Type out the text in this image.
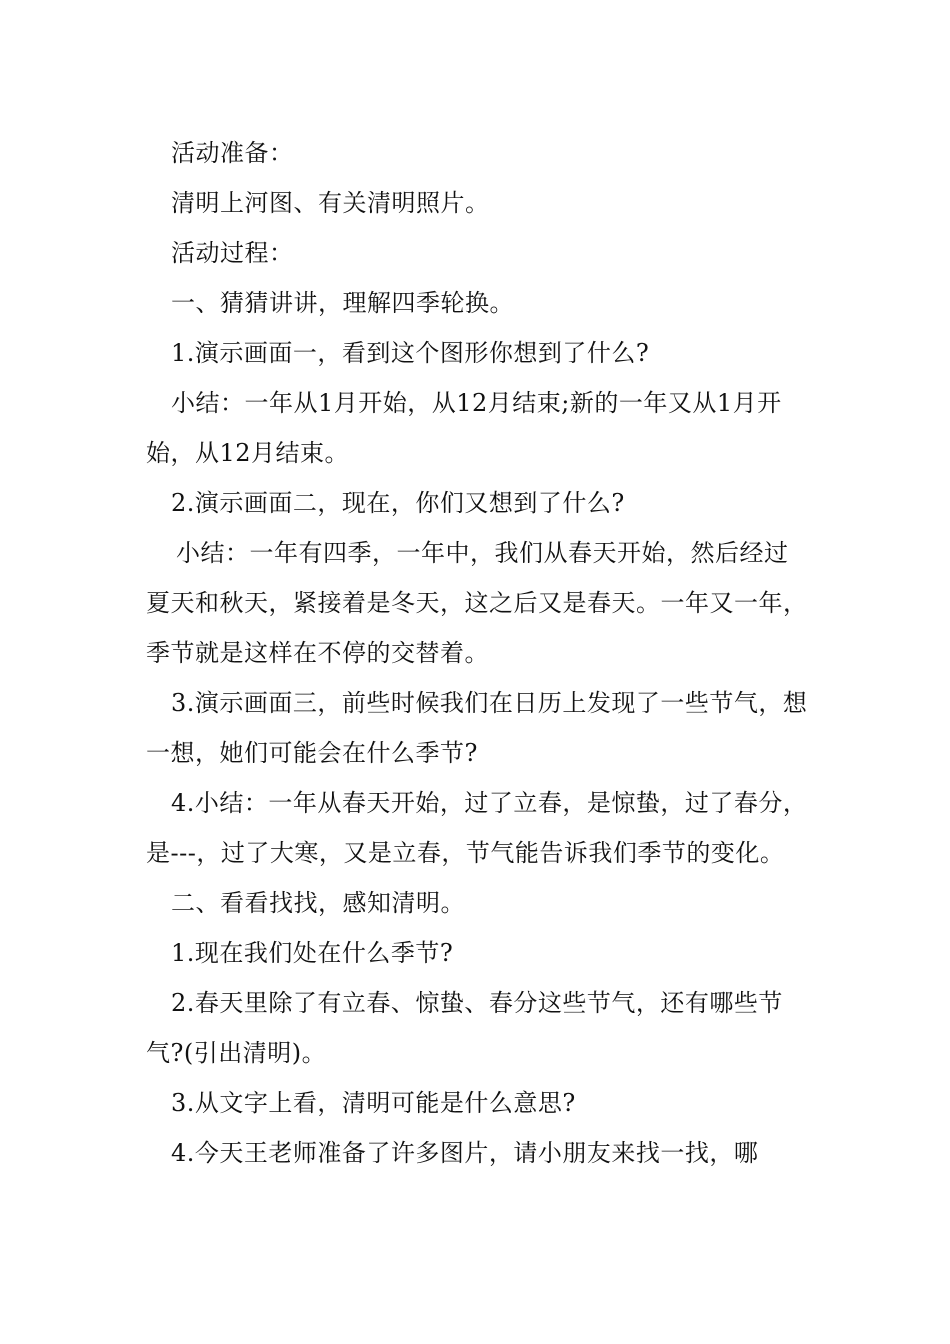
活动准备：

清明上河图、有关清明照片。

活动过程：

一、猜猜讲讲，理解四季轮换。

1.演示画面一，看到这个图形你想到了什么?

小结：一年从1月开始，从12月结束;新的一年又从1月开始，从12月结束。

2.演示画面二，现在，你们又想到了什么?

小结：一年有四季，一年中，我们从春天开始，然后经过夏天和秋天，紧接着是冬天，这之后又是春天。一年又一年，季节就是这样在不停的交替着。

3.演示画面三，前些时候我们在日历上发现了一些节气，想一想，她们可能会在什么季节?

4.小结：一年从春天开始，过了立春，是惊蛰，过了春分，是---，过了大寒，又是立春，节气能告诉我们季节的变化。

二、看看找找，感知清明。

1.现在我们处在什么季节?

2.春天里除了有立春、惊蛰、春分这些节气，还有哪些节气?(引出清明)。

3.从文字上看，清明可能是什么意思?

4.今天王老师准备了许多图片，请小朋友来找一找，哪
